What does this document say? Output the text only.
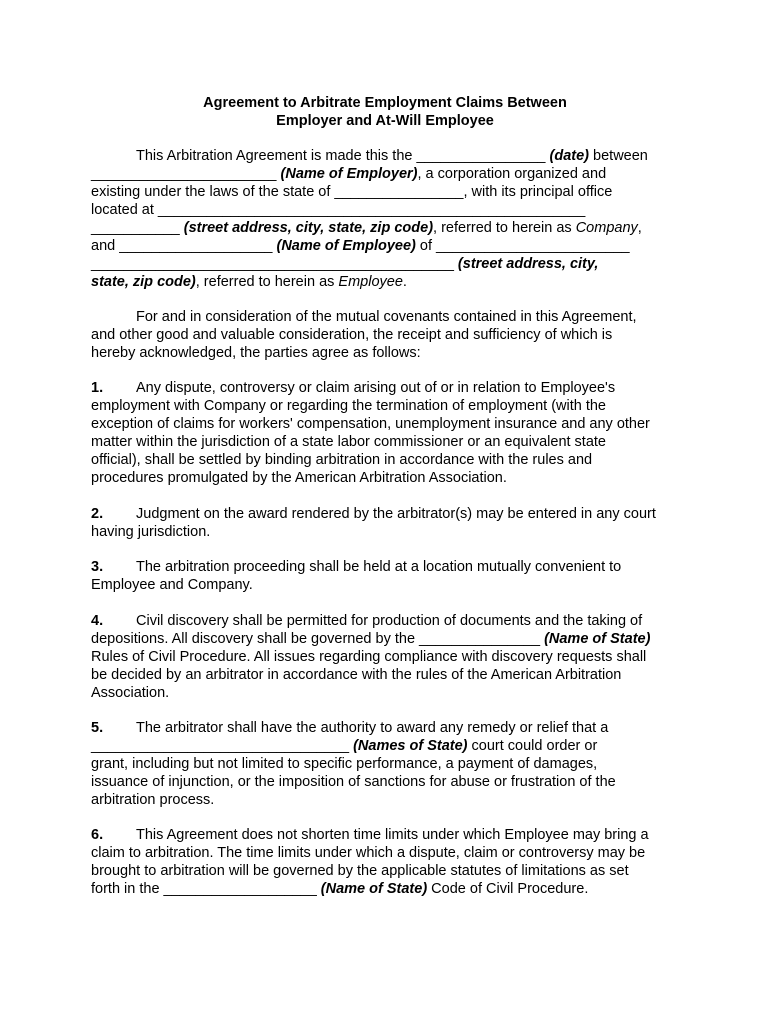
Agreement to Arbitrate Employment Claims Between
Employer and At-Will Employee
This Arbitration Agreement is made this the ________________ (date) between
_______________________ (Name of Employer), a corporation organized and
existing under the laws of the state of ________________, with its principal office
located at _____________________________________________________
___________ (street address, city, state, zip code), referred to herein as Company,
and ___________________ (Name of Employee) of ________________________
_____________________________________________ (street address, city,
state, zip code), referred to herein as Employee.
For and in consideration of the mutual covenants contained in this Agreement,
and other good and valuable consideration, the receipt and sufficiency of which is
hereby acknowledged, the parties agree as follows:
1. Any dispute, controversy or claim arising out of or in relation to Employee's
employment with Company or regarding the termination of employment (with the
exception of claims for workers' compensation, unemployment insurance and any other
matter within the jurisdiction of a state labor commissioner or an equivalent state
official), shall be settled by binding arbitration in accordance with the rules and
procedures promulgated by the American Arbitration Association.
2. Judgment on the award rendered by the arbitrator(s) may be entered in any court
having jurisdiction.
3. The arbitration proceeding shall be held at a location mutually convenient to
Employee and Company.
4. Civil discovery shall be permitted for production of documents and the taking of
depositions. All discovery shall be governed by the _______________ (Name of State)
Rules of Civil Procedure. All issues regarding compliance with discovery requests shall
be decided by an arbitrator in accordance with the rules of the American Arbitration
Association.
5. The arbitrator shall have the authority to award any remedy or relief that a
________________________________ (Names of State) court could order or
grant, including but not limited to specific performance, a payment of damages,
issuance of injunction, or the imposition of sanctions for abuse or frustration of the
arbitration process.
6. This Agreement does not shorten time limits under which Employee may bring a
claim to arbitration. The time limits under which a dispute, claim or controversy may be
brought to arbitration will be governed by the applicable statutes of limitations as set
forth in the ___________________ (Name of State) Code of Civil Procedure.
